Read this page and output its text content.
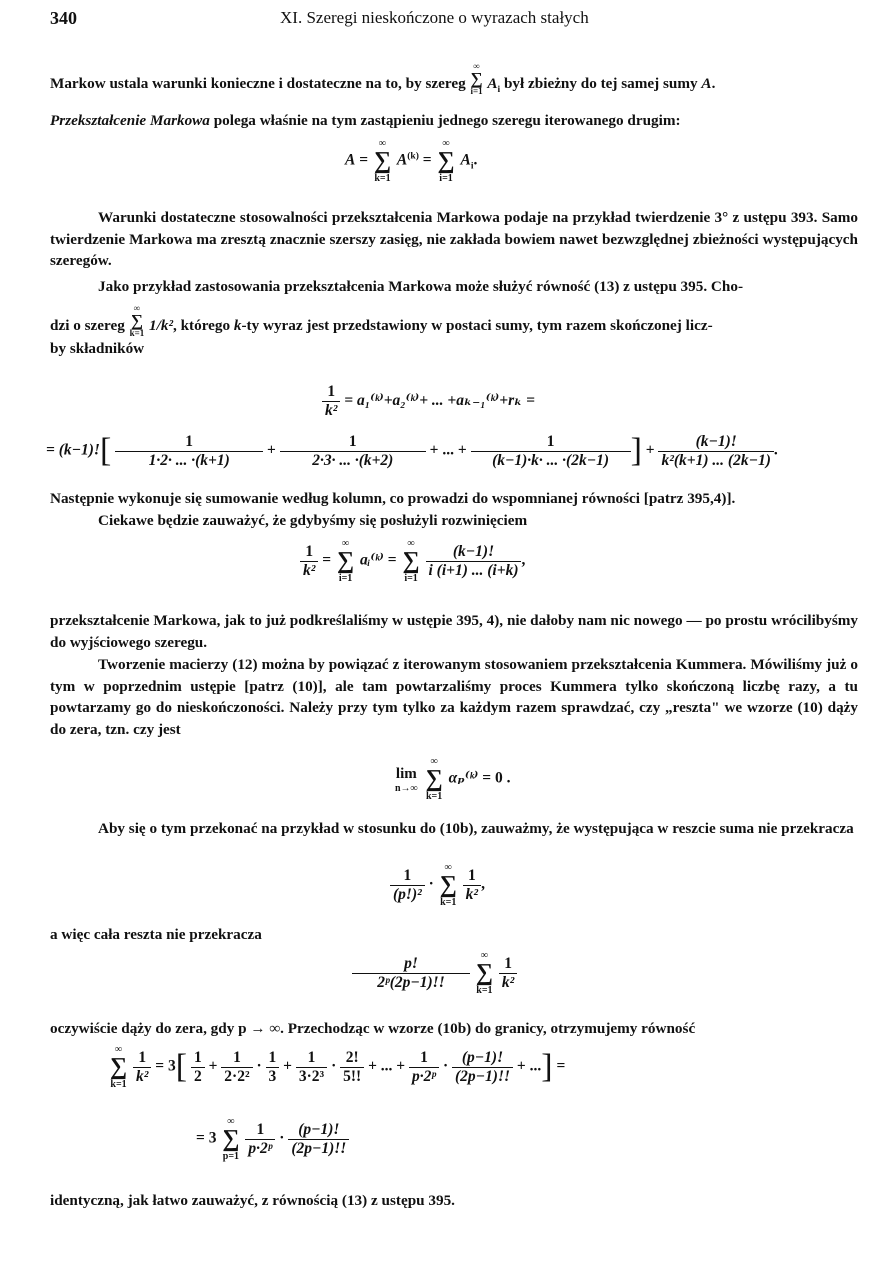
340	XI. Szeregi nieskończone o wyrazach stałych
Markow ustala warunki konieczne i dostateczne na to, by szereg
∞
∑
i=1 $A_i$ był zbieżny do tej samej sumy A.
Przekształcenie Markowa polega właśnie na tym zastąpieniu jednego szeregu iterowanego drugim:
A =
∞
∑
k=1
$A^{(k)}$ =
∞
∑
i=1
$A_i$.
Warunki dostateczne stosowalności przekształcenia Markowa podaje na przykład twierdzenie 3° z ustępu 393. Samo twierdzenie Markowa ma zresztą znacznie szerszy zasięg, nie zakłada bowiem nawet bezwzględnej zbieżności występujących szeregów.
Jako przykład zastosowania przekształcenia Markowa może służyć równość (13) z ustępu 395. Cho-
dzi o szereg
∞
∑
k=1 1/k², którego k-ty wyraz jest przedstawiony w postaci sumy, tym razem skończonej licz-
by składników
$\frac{1}{\text{k²}}$ = a₁⁽ᵏ⁾+a₂⁽ᵏ⁾+ ... +aₖ₋₁⁽ᵏ⁾+rₖ =
= $(k-1)![ \frac{1}{1\cdot 2\cdot ... \cdot(k+1)} + \frac{1}{2\cdot 3\cdot ... \cdot(k+2)}$ + ... + $\frac{1}{(k-1)\cdot k\cdot ... \cdot(2k-1)}$ ] + $\frac{(k-1)!}{\text{k²(k+1) ... (2k−1)}}$ .
Następnie wykonuje się sumowanie według kolumn, co prowadzi do wspomnianej równości [patrz 395,4)].
Ciekawe będzie zauważyć, że gdybyśmy się posłużyli rozwinięciem
$\frac{1}{\text{k²}}$ =
∞
∑
i=1
aᵢ⁽ᵏ⁾ =
∞
∑
i=1
$\frac{(k-1)!}{i (i+1) ... (i+k)}$ ,
przekształcenie Markowa, jak to już podkreślaliśmy w ustępie 395, 4), nie dałoby nam nic nowego — po prostu wrócilibyśmy do wyjściowego szeregu.
Tworzenie macierzy (12) można by powiązać z iterowanym stosowaniem przekształcenia Kummera. Mówiliśmy już o tym w poprzednim ustępie [patrz (10)], ale tam powtarzaliśmy proces Kummera tylko skończoną liczbę razy, a tu powtarzamy go do nieskończoności. Należy przy tym tylko za każdym razem sprawdzać, czy „reszta" we wzorze (10) dąży do zera, tzn. czy jest
lim
n→∞

∞
∑
k=1
αₚ⁽ᵏ⁾ = 0 .
Aby się o tym przekonać na przykład w stosunku do (10b), zauważmy, że występująca w reszcie suma nie przekracza
$\frac{1}{\text{(p!)²}}$ ·
∞
∑
k=1
$\frac{1}{\text{k²}}$ ,
a więc cała reszta nie przekracza
$\frac{p!}{\text{2ᵖ(2p−1)!!}}$
	∞
∑
k=1
$\frac{1}{\text{k²}}$
oczywiście dąży do zera, gdy p → ∞. Przechodząc w wzorze (10b) do granicy, otrzymujemy równość
∞
∑
k=1
$\frac{1}{\text{k²}} = 3[ \frac{1}{2} + \frac{1}{\text{2·2²}} \cdot \frac{1}{3} + \frac{1}{\text{3·2³}} \cdot \frac{2!}{5!!}$ + ... + $\frac{1}{\text{p·2ᵖ}} \cdot \frac{(p-1)!}{(2p-1)!!}$ + ...] =
= 3
∞
∑
p=1
$\frac{1}{\text{p·2ᵖ}} \cdot \frac{(p-1)!}{(2p-1)!!}$
identyczną, jak łatwo zauważyć, z równością (13) z ustępu 395.
